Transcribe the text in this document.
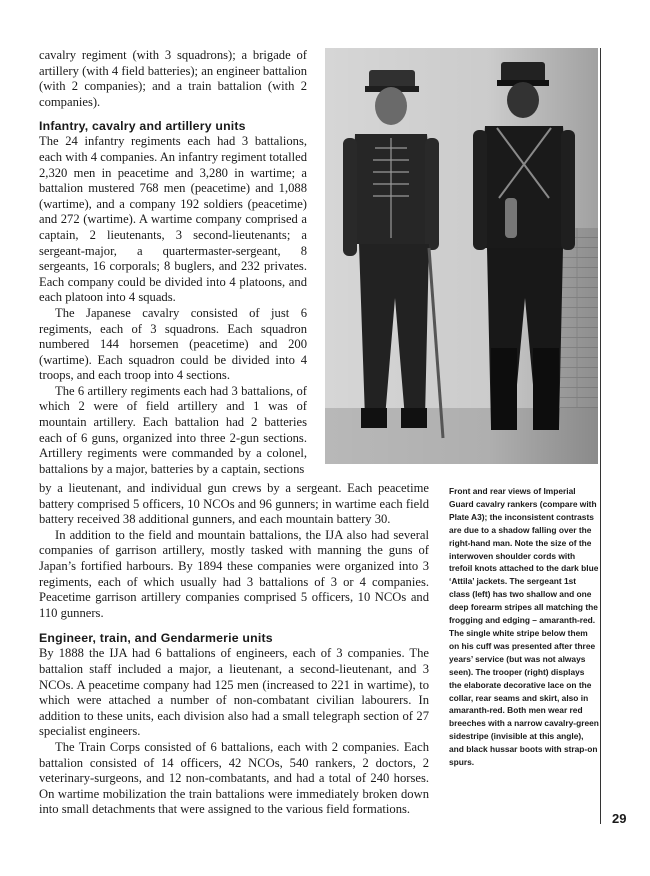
cavalry regiment (with 3 squadrons); a brigade of artillery (with 4 field batteries); an engineer battalion (with 2 companies); and a train battalion (with 2 companies).

Infantry, cavalry and artillery units

The 24 infantry regiments each had 3 battalions, each with 4 companies. An infantry regiment totalled 2,320 men in peacetime and 3,280 in wartime; a battalion mustered 768 men (peacetime) and 1,088 (wartime), and a company 192 soldiers (peacetime) and 272 (wartime). A wartime company comprised a captain, 2 lieutenants, 3 second-lieutenants; a sergeant-major, a quartermaster-sergeant, 8 sergeants, 16 corporals; 8 buglers, and 232 privates. Each company could be divided into 4 platoons, and each platoon into 4 squads.

The Japanese cavalry consisted of just 6 regiments, each of 3 squadrons. Each squadron numbered 144 horsemen (peacetime) and 200 (wartime). Each squadron could be divided into 4 troops, and each troop into 4 sections.

The 6 artillery regiments each had 3 battalions, of which 2 were of field artillery and 1 was of mountain artillery. Each battalion had 2 batteries each of 6 guns, organized into three 2-gun sections. Artillery regiments were commanded by a colonel, battalions by a major, batteries by a captain, sections

by a lieutenant, and individual gun crews by a sergeant. Each peacetime battery comprised 5 officers, 10 NCOs and 96 gunners; in wartime each field battery received 38 additional gunners, and each mountain battery 30.

In addition to the field and mountain battalions, the IJA also had several companies of garrison artillery, mostly tasked with manning the guns of Japan’s fortified harbours. By 1894 these companies were organized into 3 regiments, each of which usually had 3 battalions of 3 or 4 companies. Peacetime garrison artillery companies comprised 5 officers, 10 NCOs and 110 gunners.

Engineer, train, and Gendarmerie units

By 1888 the IJA had 6 battalions of engineers, each of 3 companies. The battalion staff included a major, a lieutenant, a second-lieutenant, and 3 NCOs. A peacetime company had 125 men (increased to 221 in wartime), to which were attached a number of non-combatant civilian labourers. In addition to these units, each division also had a small telegraph section of 27 specialist engineers.

The Train Corps consisted of 6 battalions, each with 2 companies. Each battalion consisted of 14 officers, 42 NCOs, 540 rankers, 2 doctors, 2 veterinary-surgeons, and 12 non-combatants, and had a total of 240 horses. On wartime mobilization the train battalions were immediately broken down into small detachments that were assigned to the various field formations.

Front and rear views of Imperial Guard cavalry rankers (compare with Plate A3); the inconsistent contrasts are due to a shadow falling over the right-hand man. Note the size of the interwoven shoulder cords with trefoil knots attached to the dark blue ‘Attila’ jackets. The sergeant 1st class (left) has two shallow and one deep forearm stripes all matching the frogging and edging – amaranth-red. The single white stripe below them on his cuff was presented after three years’ service (but was not always seen). The trooper (right) displays the elaborate decorative lace on the collar, rear seams and skirt, also in amaranth-red. Both men wear red breeches with a narrow cavalry-green sidestripe (invisible at this angle), and black hussar boots with strap-on spurs.

29
